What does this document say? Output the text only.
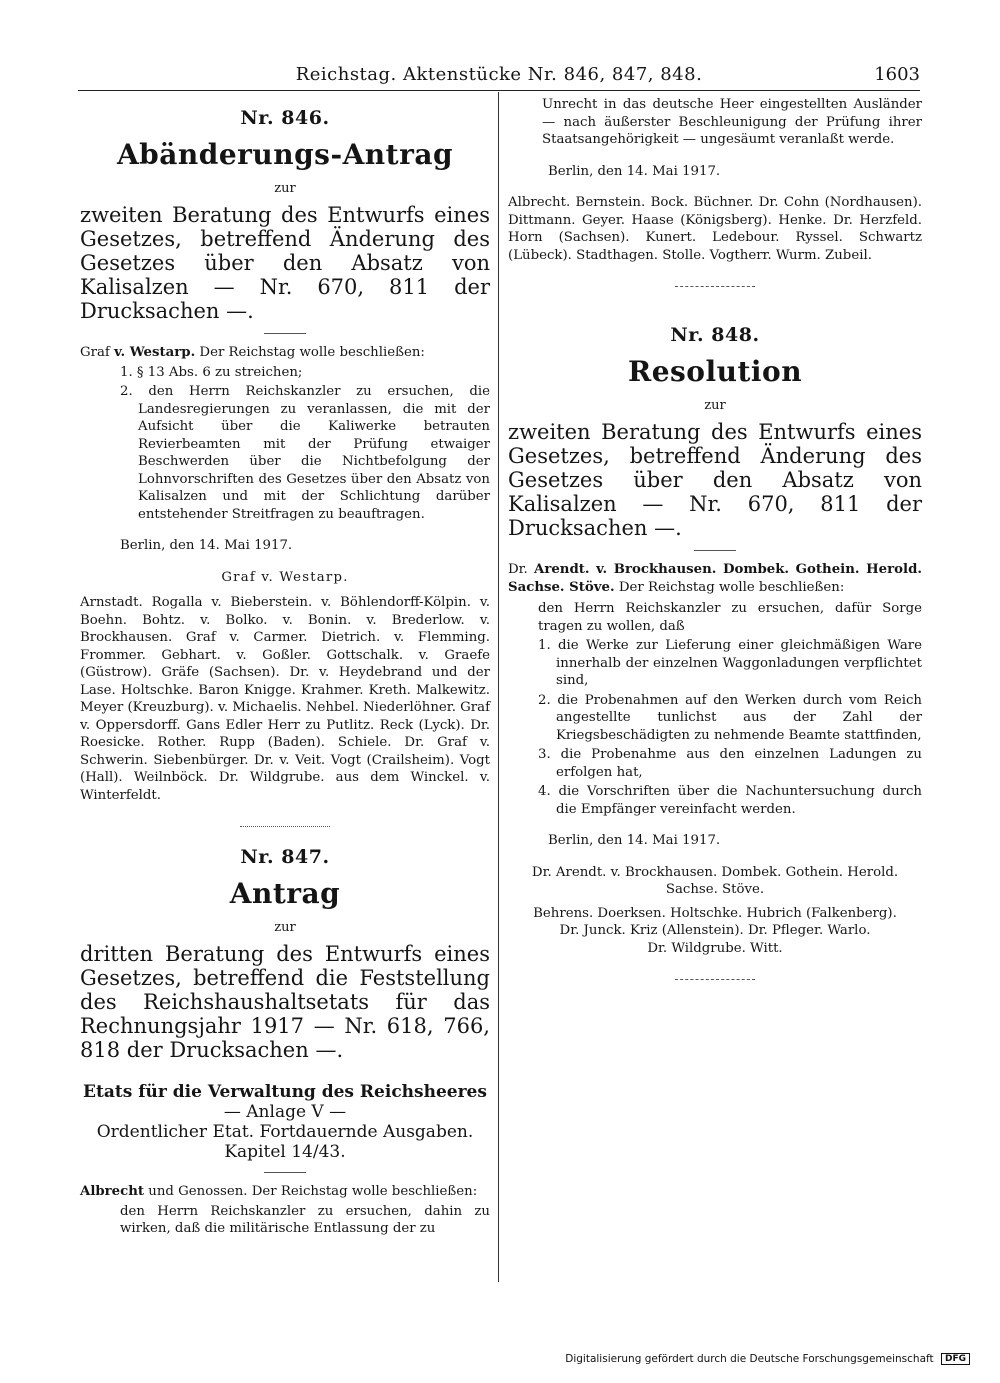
Reichstag. Aktenstücke Nr. 846, 847, 848.	1603
Nr. 846.
Abänderungs-Antrag
zur

zweiten Beratung des Entwurfs eines Gesetzes, betreffend Änderung des Gesetzes über den Absatz von Kalisalzen — Nr. 670, 811 der Drucksachen —.

Graf v. Westarp. Der Reichstag wolle beschließen:

1. § 13 Abs. 6 zu streichen;

2. den Herrn Reichskanzler zu ersuchen, die Landesregierungen zu veranlassen, die mit der Aufsicht über die Kaliwerke betrauten Revierbeamten mit der Prüfung etwaiger Beschwerden über die Nichtbefolgung der Lohnvorschriften des Gesetzes über den Absatz von Kalisalzen und mit der Schlichtung darüber entstehender Streitfragen zu beauftragen.

Berlin, den 14. Mai 1917.

Graf v. Westarp.

Arnstadt. Rogalla v. Bieberstein. v. Böhlendorff-Kölpin. v. Boehn. Bohtz. v. Bolko. v. Bonin. v. Brederlow. v. Brockhausen. Graf v. Carmer. Dietrich. v. Flemming. Frommer. Gebhart. v. Goßler. Gottschalk. v. Graefe (Güstrow). Gräfe (Sachsen). Dr. v. Heydebrand und der Lase. Holtschke. Baron Knigge. Krahmer. Kreth. Malkewitz. Meyer (Kreuzburg). v. Michaelis. Nehbel. Niederlöhner. Graf v. Oppersdorff. Gans Edler Herr zu Putlitz. Reck (Lyck). Dr. Roesicke. Rother. Rupp (Baden). Schiele. Dr. Graf v. Schwerin. Siebenbürger. Dr. v. Veit. Vogt (Crailsheim). Vogt (Hall). Weilnböck. Dr. Wildgrube. aus dem Winckel. v. Winterfeldt.

Nr. 847.
Antrag
zur

dritten Beratung des Entwurfs eines Gesetzes, betreffend die Feststellung des Reichshaushaltsetats für das Rechnungsjahr 1917 — Nr. 618, 766, 818 der Drucksachen —.

Etats für die Verwaltung des Reichsheeres
— Anlage V —
Ordentlicher Etat. Fortdauernde Ausgaben.
Kapitel 14/43.

Albrecht und Genossen. Der Reichstag wolle beschließen:

den Herrn Reichskanzler zu ersuchen, dahin zu wirken, daß die militärische Entlassung der zu

Unrecht in das deutsche Heer eingestellten Ausländer — nach äußerster Beschleunigung der Prüfung ihrer Staatsangehörigkeit — ungesäumt veranlaßt werde.

Berlin, den 14. Mai 1917.

Albrecht. Bernstein. Bock. Büchner. Dr. Cohn (Nordhausen). Dittmann. Geyer. Haase (Königsberg). Henke. Dr. Herzfeld. Horn (Sachsen). Kunert. Ledebour. Ryssel. Schwartz (Lübeck). Stadthagen. Stolle. Vogtherr. Wurm. Zubeil.

Nr. 848.
Resolution
zur

zweiten Beratung des Entwurfs eines Gesetzes, betreffend Änderung des Gesetzes über den Absatz von Kalisalzen — Nr. 670, 811 der Drucksachen —.

Dr. Arendt. v. Brockhausen. Dombek. Gothein. Herold. Sachse. Stöve. Der Reichstag wolle beschließen:

den Herrn Reichskanzler zu ersuchen, dafür Sorge tragen zu wollen, daß

1. die Werke zur Lieferung einer gleichmäßigen Ware innerhalb der einzelnen Waggonladungen verpflichtet sind,

2. die Probenahmen auf den Werken durch vom Reich angestellte tunlichst aus der Zahl der Kriegsbeschädigten zu nehmende Beamte stattfinden,

3. die Probenahme aus den einzelnen Ladungen zu erfolgen hat,

4. die Vorschriften über die Nachuntersuchung durch die Empfänger vereinfacht werden.

Berlin, den 14. Mai 1917.

Dr. Arendt. v. Brockhausen. Dombek. Gothein. Herold.
Sachse. Stöve.
Behrens. Doerksen. Holtschke. Hubrich (Falkenberg).
Dr. Junck. Kriz (Allenstein). Dr. Pfleger. Warlo.
Dr. Wildgrube. Witt.
Digitalisierung gefördert durch die Deutsche Forschungsgemeinschaft DFG
